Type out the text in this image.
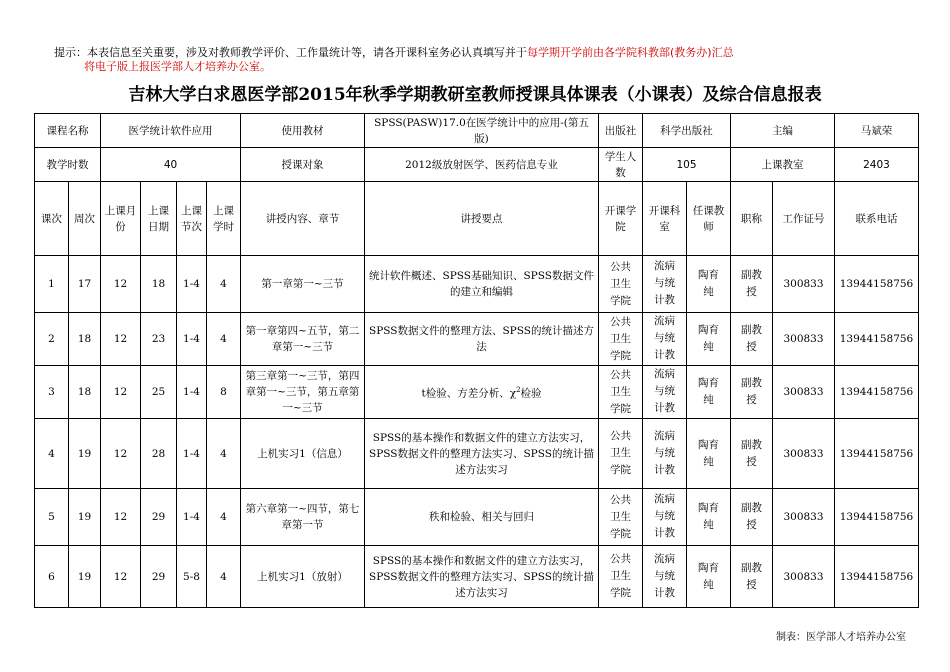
提示：本表信息至关重要，涉及对教师教学评价、工作量统计等，请各开课科室务必认真填写并于每学期开学前由各学院科教部(教务办)汇总
将电子版上报医学部人才培养办公室。
吉林大学白求恩医学部2015年秋季学期教研室教师授课具体课表（小课表）及综合信息报表
课程名称		医学统计软件应用				使用教材	SPSS(PASW)17.0在医学统计中的应用-(第五版)	出版社	科学出版社		主编		马斌荣
教学时数		40				授课对象	2012级放射医学、医药信息专业	学生人数	105		上课教室		2403
课次	周次	上课月份	上课日期	上课节次	上课学时	讲授内容、章节	讲授要点	开课学院	开课科室	任课教师	职称	工作证号	联系电话

1	17	12	18	1-4	4	第一章第一~三节	统计软件概述、SPSS基础知识、SPSS数据文件的建立和编辑	公共卫生学院	流病与统计教	陶育纯	副教授	300833	13944158756

2	18	12	23	1-4	4	第一章第四~五节，第二章第一~三节	SPSS数据文件的整理方法、SPSS的统计描述方法	公共卫生学院	流病与统计教	陶育纯	副教授	300833	13944158756

3	18	12	25	1-4	8	第三章第一~三节，第四章第一~三节，第五章第一~三节	t检验、方差分析、$\chi^2$检验	公共卫生学院	流病与统计教	陶育纯	副教授	300833	13944158756

4	19	12	28	1-4	4	上机实习1（信息）	SPSS的基本操作和数据文件的建立方法实习，SPSS数据文件的整理方法实习、SPSS的统计描述方法实习	公共卫生学院	流病与统计教	陶育纯	副教授	300833	13944158756

5	19	12	29	1-4	4	第六章第一~四节，第七章第一节	秩和检验、相关与回归	公共卫生学院	流病与统计教	陶育纯	副教授	300833	13944158756

6	19	12	29	5-8	4	上机实习1（放射）	SPSS的基本操作和数据文件的建立方法实习，SPSS数据文件的整理方法实习、SPSS的统计描述方法实习	公共卫生学院	流病与统计教	陶育纯	副教授	300833	13944158756
制表：医学部人才培养办公室
